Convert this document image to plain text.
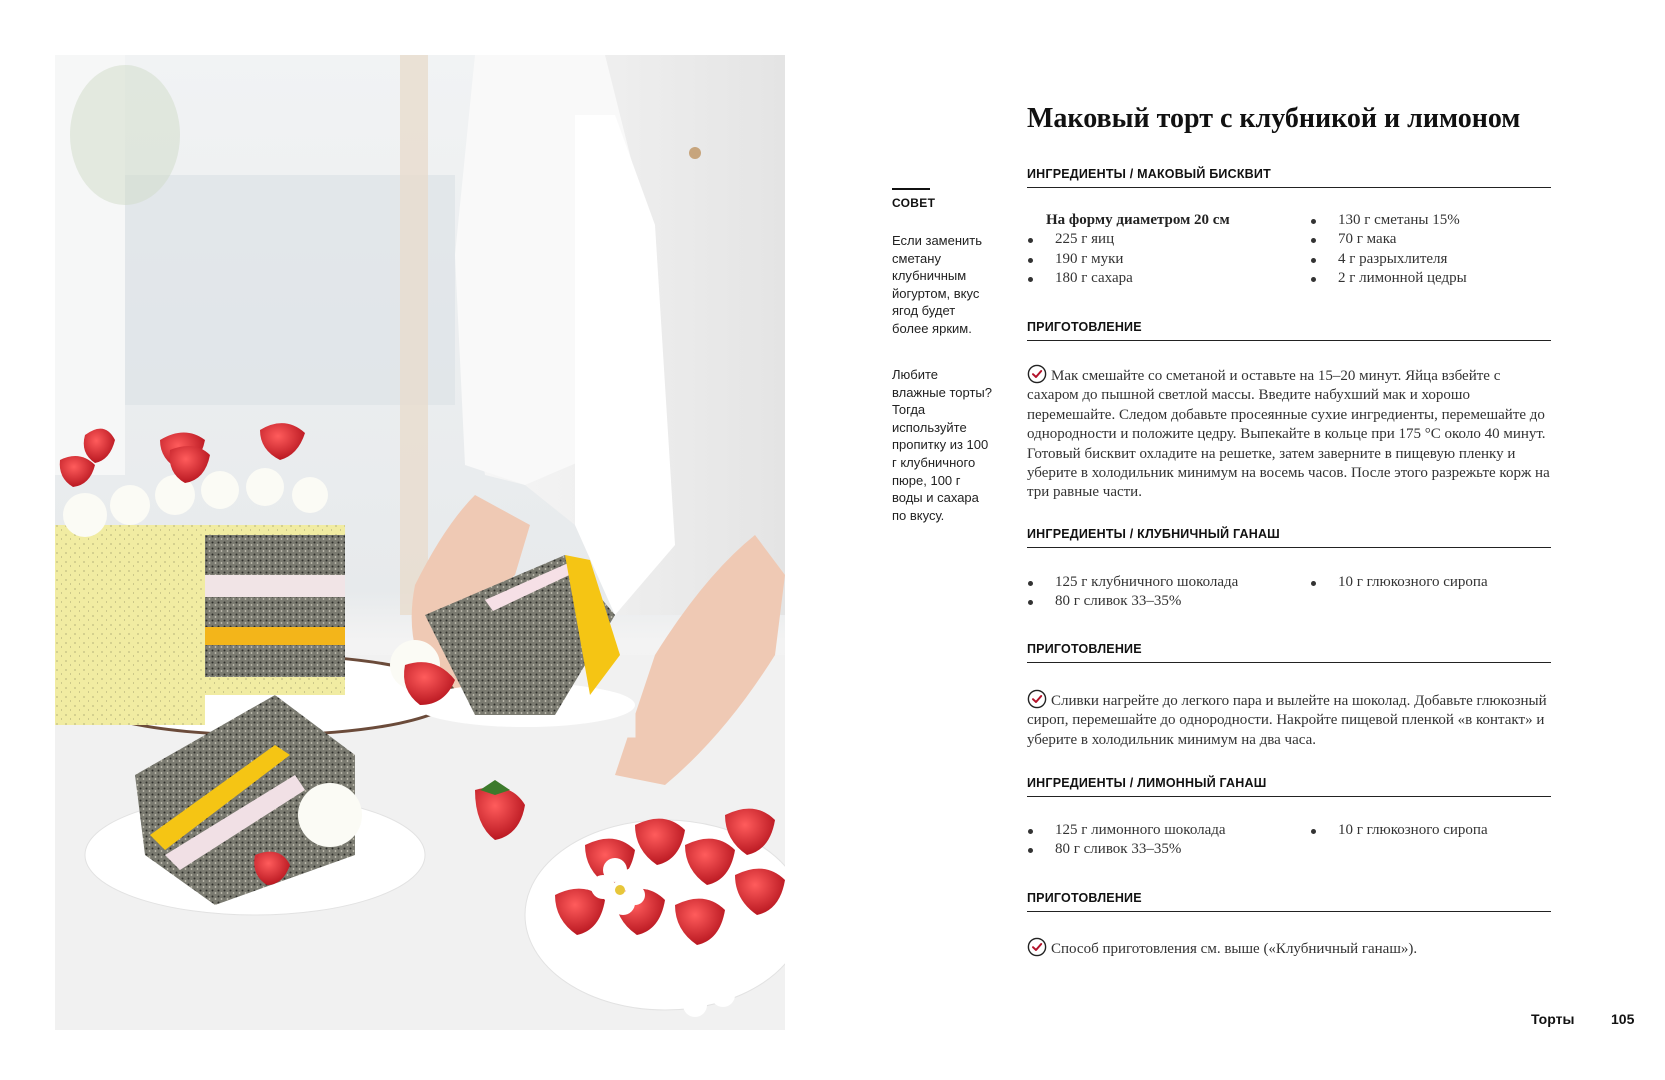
СОВЕТ
Если заменить сметану клубничным йогуртом, вкус ягод будет более ярким.
Любите влажные торты? Тогда используйте пропитку из 100 г клубничного пюре, 100 г воды и сахара по вкусу.
Маковый торт с клубникой и лимоном
ИНГРЕДИЕНТЫ / МАКОВЫЙ БИСКВИТ
На форму диаметром 20 см
225 г яиц
190 г муки
180 г сахара
130 г сметаны 15%
70 г мака
4 г разрыхлителя
2 г лимонной цедры
ПРИГОТОВЛЕНИЕ
Мак смешайте со сметаной и оставьте на 15–20 минут. Яйца взбейте с сахаром до пышной светлой массы. Введите набухший мак и хорошо перемешайте. Следом добавьте просеянные сухие ингредиенты, перемешайте до однородности и положите цедру. Выпекайте в кольце при 175 °С около 40 минут. Готовый бисквит охладите на решетке, затем заверните в пищевую пленку и уберите в холодильник минимум на восемь часов. После этого разрежьте корж на три равные части.
ИНГРЕДИЕНТЫ / КЛУБНИЧНЫЙ ГАНАШ
125 г клубничного шоколада
80 г сливок 33–35%
10 г глюкозного сиропа
ПРИГОТОВЛЕНИЕ
Сливки нагрейте до легкого пара и вылейте на шоколад. Добавьте глюкозный сироп, перемешайте до однородности. Накройте пищевой пленкой «в контакт» и уберите в холодильник минимум на два часа.
ИНГРЕДИЕНТЫ / ЛИМОННЫЙ ГАНАШ
125 г лимонного шоколада
80 г сливок 33–35%
10 г глюкозного сиропа
ПРИГОТОВЛЕНИЕ
Способ приготовления см. выше («Клубничный ганаш»).
Торты	105
